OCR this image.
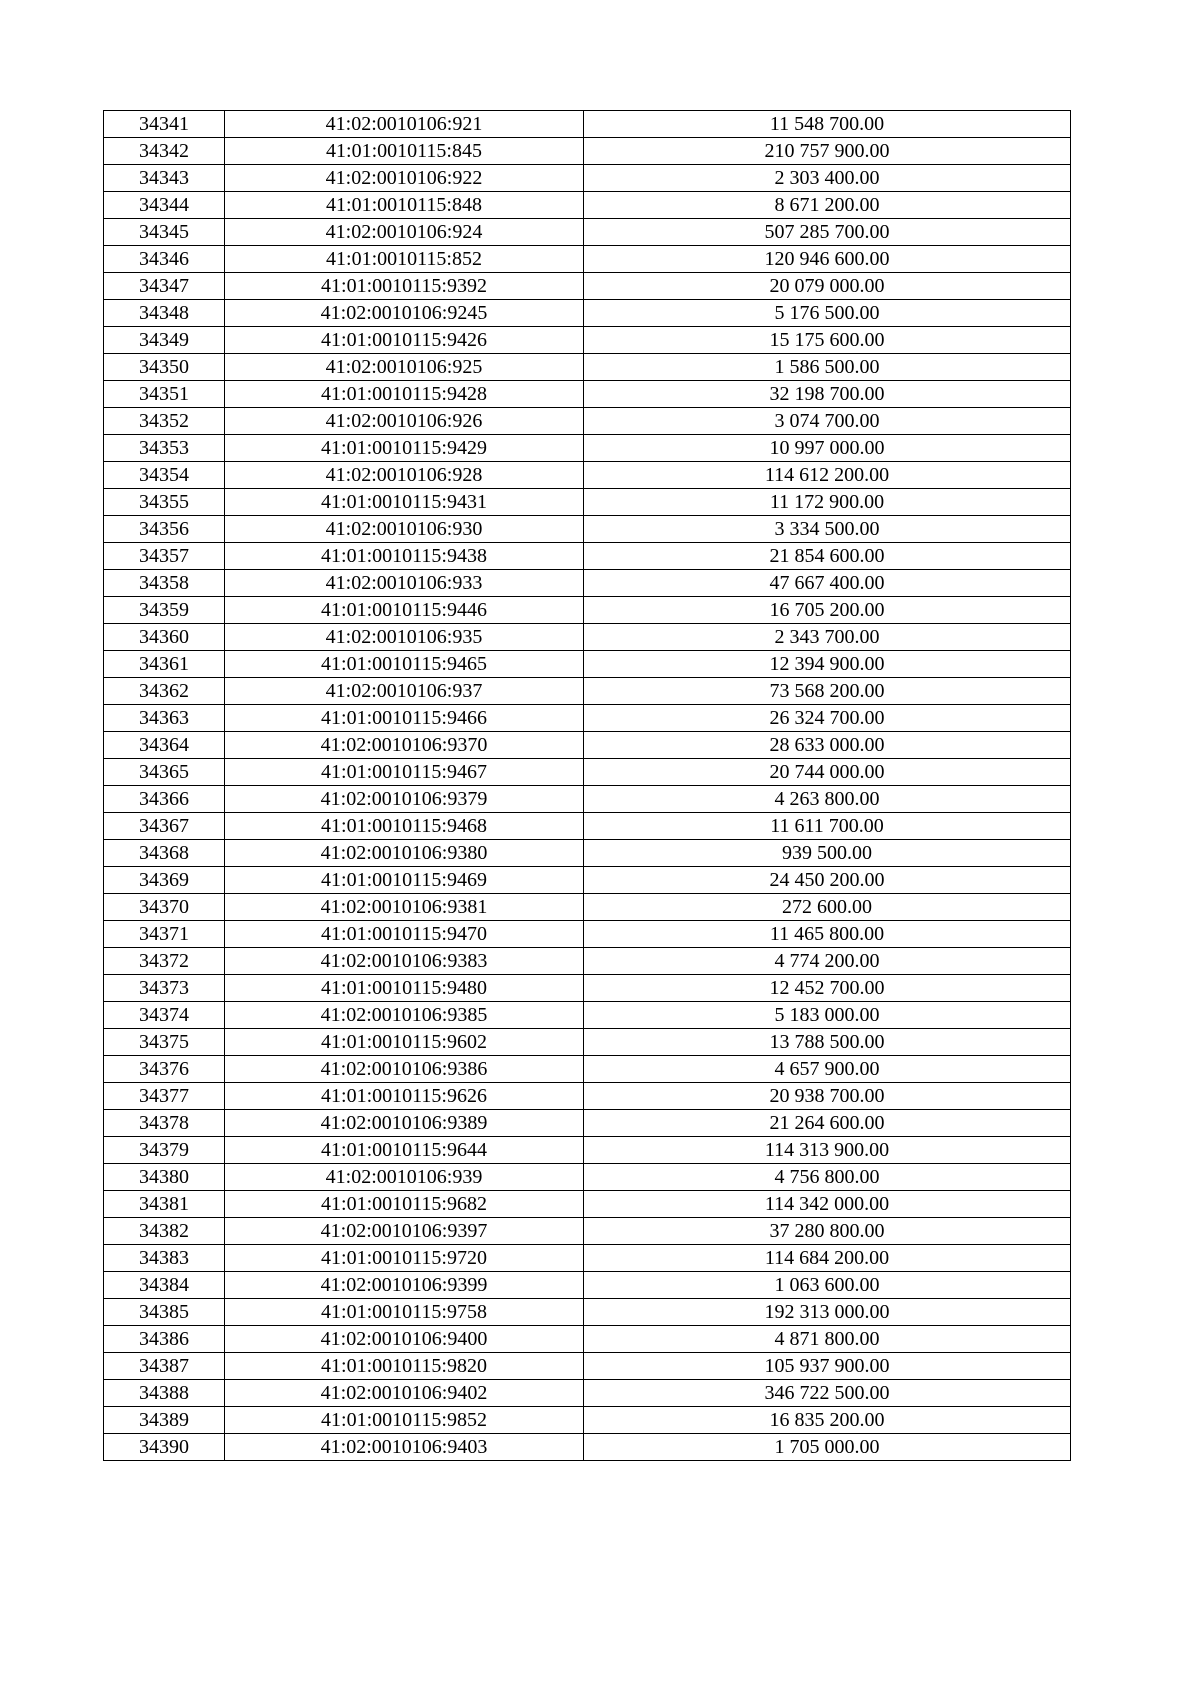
34341	41:02:0010106:921	11 548 700.00
34342	41:01:0010115:845	210 757 900.00
34343	41:02:0010106:922	2 303 400.00
34344	41:01:0010115:848	8 671 200.00
34345	41:02:0010106:924	507 285 700.00
34346	41:01:0010115:852	120 946 600.00
34347	41:01:0010115:9392	20 079 000.00
34348	41:02:0010106:9245	5 176 500.00
34349	41:01:0010115:9426	15 175 600.00
34350	41:02:0010106:925	1 586 500.00
34351	41:01:0010115:9428	32 198 700.00
34352	41:02:0010106:926	3 074 700.00
34353	41:01:0010115:9429	10 997 000.00
34354	41:02:0010106:928	114 612 200.00
34355	41:01:0010115:9431	11 172 900.00
34356	41:02:0010106:930	3 334 500.00
34357	41:01:0010115:9438	21 854 600.00
34358	41:02:0010106:933	47 667 400.00
34359	41:01:0010115:9446	16 705 200.00
34360	41:02:0010106:935	2 343 700.00
34361	41:01:0010115:9465	12 394 900.00
34362	41:02:0010106:937	73 568 200.00
34363	41:01:0010115:9466	26 324 700.00
34364	41:02:0010106:9370	28 633 000.00
34365	41:01:0010115:9467	20 744 000.00
34366	41:02:0010106:9379	4 263 800.00
34367	41:01:0010115:9468	11 611 700.00
34368	41:02:0010106:9380	939 500.00
34369	41:01:0010115:9469	24 450 200.00
34370	41:02:0010106:9381	272 600.00
34371	41:01:0010115:9470	11 465 800.00
34372	41:02:0010106:9383	4 774 200.00
34373	41:01:0010115:9480	12 452 700.00
34374	41:02:0010106:9385	5 183 000.00
34375	41:01:0010115:9602	13 788 500.00
34376	41:02:0010106:9386	4 657 900.00
34377	41:01:0010115:9626	20 938 700.00
34378	41:02:0010106:9389	21 264 600.00
34379	41:01:0010115:9644	114 313 900.00
34380	41:02:0010106:939	4 756 800.00
34381	41:01:0010115:9682	114 342 000.00
34382	41:02:0010106:9397	37 280 800.00
34383	41:01:0010115:9720	114 684 200.00
34384	41:02:0010106:9399	1 063 600.00
34385	41:01:0010115:9758	192 313 000.00
34386	41:02:0010106:9400	4 871 800.00
34387	41:01:0010115:9820	105 937 900.00
34388	41:02:0010106:9402	346 722 500.00
34389	41:01:0010115:9852	16 835 200.00
34390	41:02:0010106:9403	1 705 000.00
